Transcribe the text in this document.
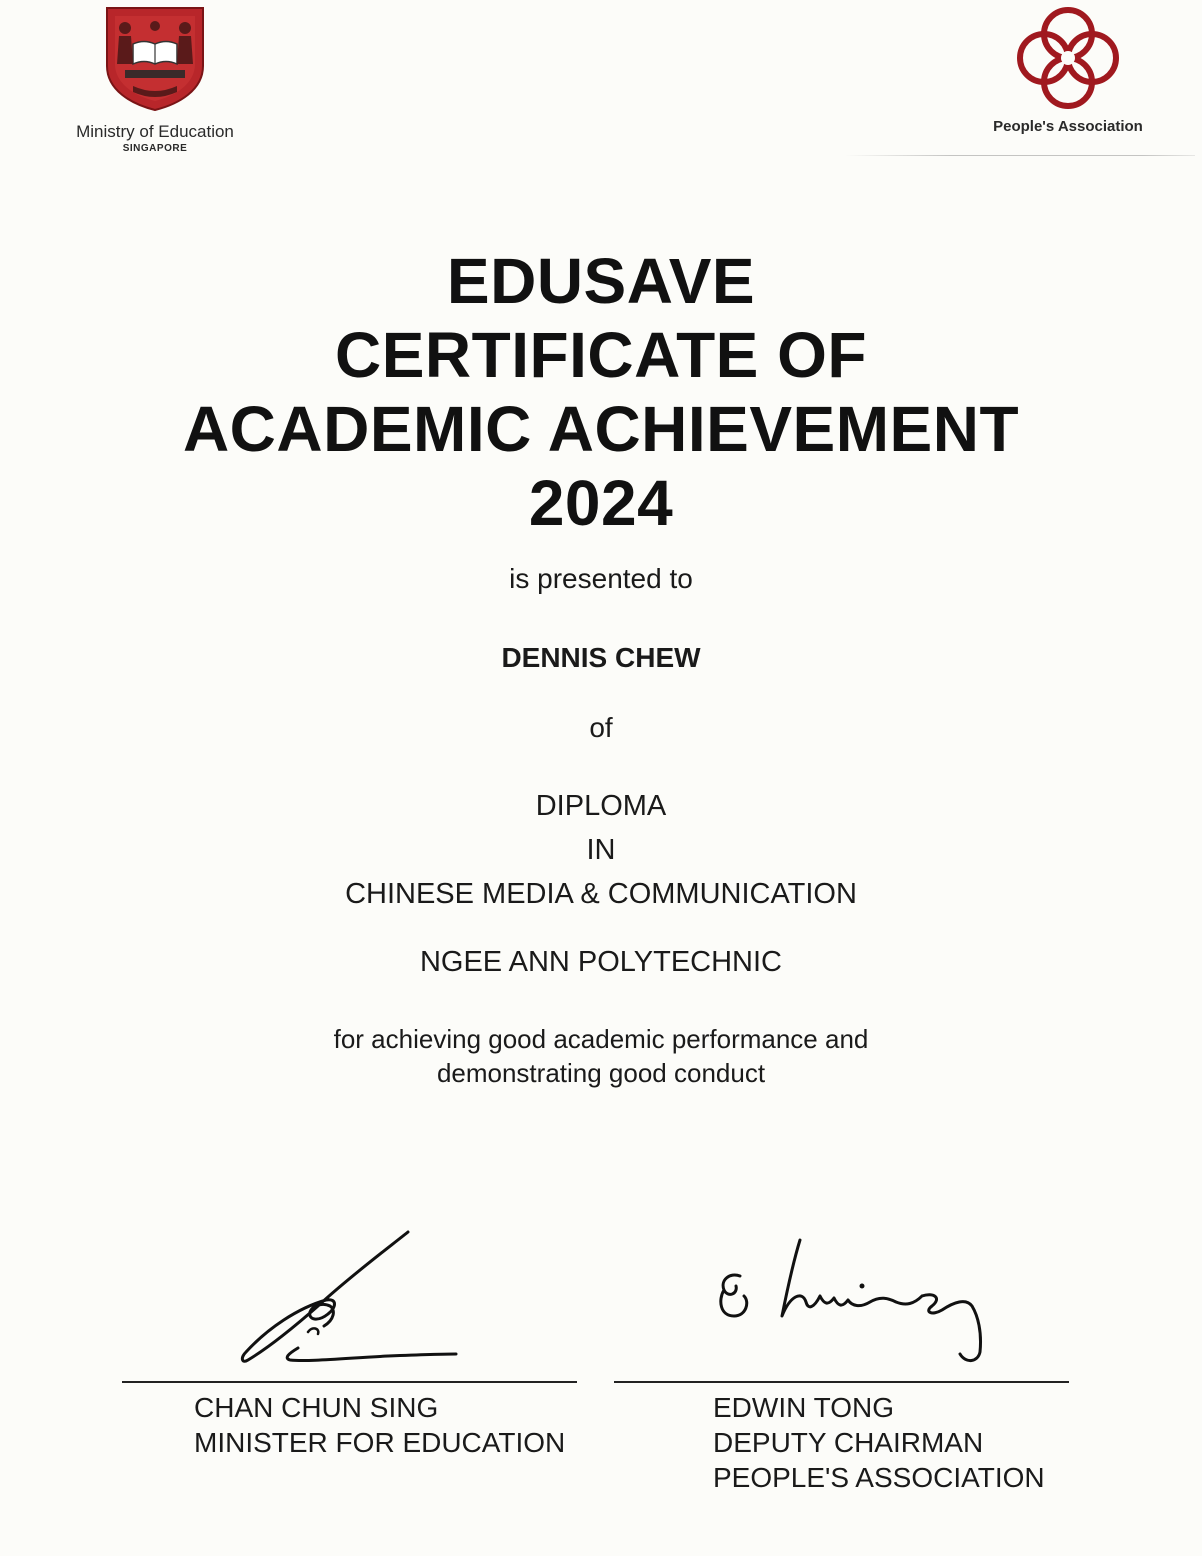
Ministry of Education
SINGAPORE
People's Association
EDUSAVE
CERTIFICATE OF
ACADEMIC ACHIEVEMENT
2024
is presented to
DENNIS CHEW
of
DIPLOMA
IN
CHINESE MEDIA & COMMUNICATION
NGEE ANN POLYTECHNIC
for achieving good academic performance and
demonstrating good conduct
CHAN CHUN SING
MINISTER FOR EDUCATION
EDWIN TONG
DEPUTY CHAIRMAN
PEOPLE'S ASSOCIATION
